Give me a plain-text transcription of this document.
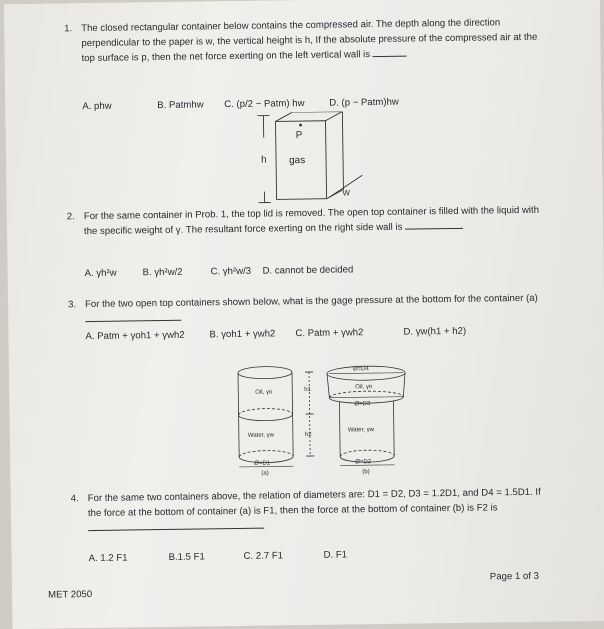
1. The closed rectangular container below contains the compressed air. The depth along the direction perpendicular to the paper is w, the vertical height is h, If the absolute pressure of the compressed air at the top surface is p, then the net force exerting on the left vertical wall is
A. phw	B. Patmhw C. (p/2 − Patm) hw	D. (p − Patm)hw
P
h gas
W
2. For the same container in Prob. 1, the top lid is removed. The open top container is filled with the liquid with the specific weight of γ. The resultant force exerting on the right side wall is
A. γh²w	B. γh²w/2	C. γh²w/3 D. cannot be decided
3. For the two open top containers shown below, what is the gage pressure at the bottom for the container (a)
A. Patm + γoh1 + γwh2	B. γoh1 + γwh2 C. Patm + γwh2	D. γw(h1 + h2)
Ø=D4
Oil, γo
Oil, γo
h1
Ø=D3
Water, γw
Water, γw
h2
Ø=D1	Ø=D2
(a)	(b)
4. For the same two containers above, the relation of diameters are: D1 = D2, D3 = 1.2D1, and D4 = 1.5D1. If the force at the bottom of container (a) is F1, then the force at the bottom of container (b) is F2 is
A. 1.2 F1	B.1.5 F1	C. 2.7 F1	D. F1
MET 2050
Page 1 of 3
